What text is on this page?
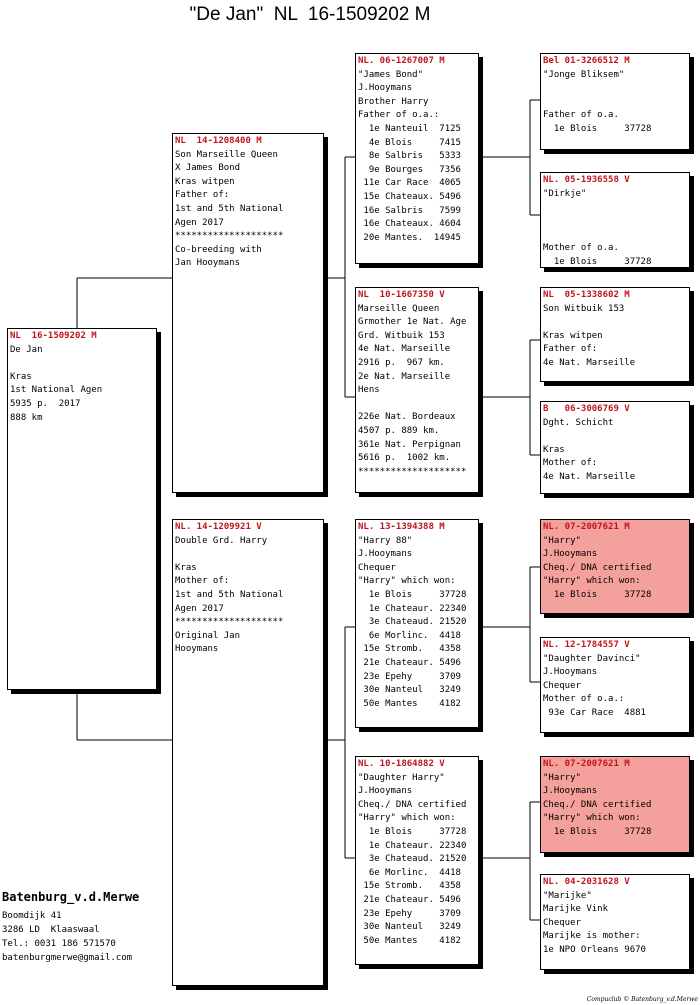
"De Jan"  NL  16-1509202 M
NL  16-1509202 M
De Jan
Kras
1st National Agen
5935 p.  2017
888 km
NL  14-1208400 M
Son Marseille Queen
X James Bond
Kras witpen
Father of:
1st and 5th National
Agen 2017
********************
Co-breeding with
Jan Hooymans
NL. 14-1209921 V
Double Grd. Harry
Kras
Mother of:
1st and 5th National
Agen 2017
********************
Original Jan
Hooymans
NL. 06-1267007 M
"James Bond"
J.Hooymans
Brother Harry
Father of o.a.:
1e Nanteuil  7125
4e Blois     7415
8e Salbris   5333
9e Bourges   7356
11e Car Race  4065
15e Chateaux. 5496
16e Salbris   7599
16e Chateaux. 4604
20e Mantes.  14945
NL  10-1667350 V
Marseille Queen
Grmother 1e Nat. Age
Grd. Witbuik 153
4e Nat. Marseille
2916 p.  967 km.
2e Nat. Marseille
Hens
226e Nat. Bordeaux
4507 p. 889 km.
361e Nat. Perpignan
5616 p.  1002 km.
********************
NL. 13-1394388 M
"Harry 88"
J.Hooymans
Chequer
"Harry" which won:
1e Blois     37728
1e Chateaur. 22340
3e Chateaud. 21520
6e Morlinc.  4418
15e Stromb.   4358
21e Chateaur. 5496
23e Epehy     3709
30e Nanteul   3249
50e Mantes    4182
NL. 10-1864882 V
"Daughter Harry"
J.Hooymans
Cheq./ DNA certified
"Harry" which won:
1e Blois     37728
1e Chateaur. 22340
3e Chateaud. 21520
6e Morlinc.  4418
15e Stromb.   4358
21e Chateaur. 5496
23e Epehy     3709
30e Nanteul   3249
50e Mantes    4182
Bel 01-3266512 M
"Jonge Bliksem"
Father of o.a.
1e Blois     37728
NL. 05-1936558 V
"Dirkje"
Mother of o.a.
1e Blois     37728
NL  05-1338602 M
Son Witbuik 153
Kras witpen
Father of:
4e Nat. Marseille
B   06-3006769 V
Dght. Schicht
Kras
Mother of:
4e Nat. Marseille
NL. 07-2007621 M
"Harry"
J.Hooymans
Cheq./ DNA certified
"Harry" which won:
1e Blois     37728
NL. 12-1784557 V
"Daughter Davinci"
J.Hooymans
Chequer
Mother of o.a.:
93e Car Race  4881
NL. 07-2007621 M
"Harry"
J.Hooymans
Cheq./ DNA certified
"Harry" which won:
1e Blois     37728
NL. 04-2031628 V
"Marijke"
Marijke Vink
Chequer
Marijke is mother:
1e NPO Orleans 9670
Batenburg_v.d.Merwe
Boomdijk 41
3286 LD  Klaaswaal
Tel.: 0031 186 571570
batenburgmerwe@gmail.com
Compuclub © Batenburg_v.d.Merwe
